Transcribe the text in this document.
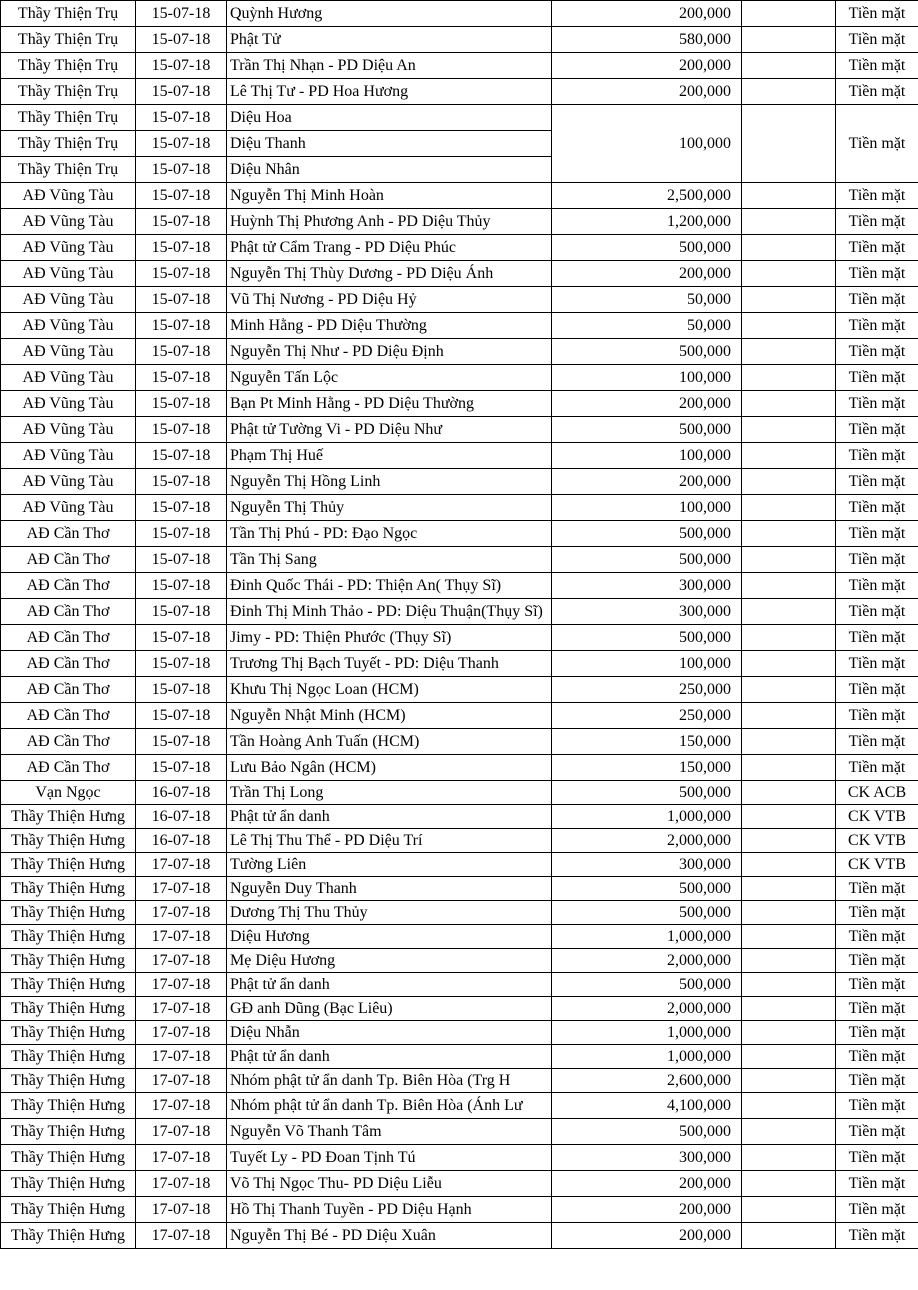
Thầy Thiện Trụ	15-07-18	Quỳnh Hương	200,000		Tiền mặt
Thầy Thiện Trụ	15-07-18	Phật Tử	580,000		Tiền mặt
Thầy Thiện Trụ	15-07-18	Trần Thị Nhạn - PD Diệu An	200,000		Tiền mặt
Thầy Thiện Trụ	15-07-18	Lê Thị Tư - PD Hoa Hương	200,000		Tiền mặt
Thầy Thiện Trụ	15-07-18	Diệu Hoa	100,000		Tiền mặt
Thầy Thiện Trụ	15-07-18	Diệu Thanh			
Thầy Thiện Trụ	15-07-18	Diệu Nhân			
AĐ Vũng Tàu	15-07-18	Nguyễn Thị Minh Hoàn	2,500,000		Tiền mặt
AĐ Vũng Tàu	15-07-18	Huỳnh Thị Phương Anh - PD Diệu Thủy	1,200,000		Tiền mặt
AĐ Vũng Tàu	15-07-18	Phật tử Cẩm Trang - PD Diệu Phúc	500,000		Tiền mặt
AĐ Vũng Tàu	15-07-18	Nguyễn Thị Thùy Dương - PD Diệu Ánh	200,000		Tiền mặt
AĐ Vũng Tàu	15-07-18	Vũ Thị Nương - PD Diệu Hỷ	50,000		Tiền mặt
AĐ Vũng Tàu	15-07-18	Minh Hằng - PD Diệu Thường	50,000		Tiền mặt
AĐ Vũng Tàu	15-07-18	Nguyễn Thị Như - PD Diệu Định	500,000		Tiền mặt
AĐ Vũng Tàu	15-07-18	Nguyễn Tấn Lộc	100,000		Tiền mặt
AĐ Vũng Tàu	15-07-18	Bạn Pt Minh Hằng - PD Diệu Thường	200,000		Tiền mặt
AĐ Vũng Tàu	15-07-18	Phật tử Tường Vi - PD Diệu Như	500,000		Tiền mặt
AĐ Vũng Tàu	15-07-18	Phạm Thị Huế	100,000		Tiền mặt
AĐ Vũng Tàu	15-07-18	Nguyễn Thị Hồng Linh	200,000		Tiền mặt
AĐ Vũng Tàu	15-07-18	Nguyễn Thị Thủy	100,000		Tiền mặt
AĐ Cần Thơ	15-07-18	Tần Thị Phú - PD: Đạo Ngọc	500,000		Tiền mặt
AĐ Cần Thơ	15-07-18	Tần Thị Sang	500,000		Tiền mặt
AĐ Cần Thơ	15-07-18	Đinh Quốc Thái - PD: Thiện An( Thụy Sĩ)	300,000		Tiền mặt
AĐ Cần Thơ	15-07-18	Đinh Thị Minh Thảo - PD: Diệu Thuận(Thụy Sĩ)	300,000		Tiền mặt
AĐ Cần Thơ	15-07-18	Jimy - PD: Thiện Phước (Thụy Sĩ)	500,000		Tiền mặt
AĐ Cần Thơ	15-07-18	Trương Thị Bạch Tuyết - PD: Diệu Thanh	100,000		Tiền mặt
AĐ Cần Thơ	15-07-18	Khưu Thị Ngọc Loan (HCM)	250,000		Tiền mặt
AĐ Cần Thơ	15-07-18	Nguyễn Nhật Minh (HCM)	250,000		Tiền mặt
AĐ Cần Thơ	15-07-18	Tần Hoàng Anh Tuấn (HCM)	150,000		Tiền mặt
AĐ Cần Thơ	15-07-18	Lưu Bảo Ngân (HCM)	150,000		Tiền mặt
Vạn Ngọc	16-07-18	Trần Thị Long	500,000		CK ACB
Thầy Thiện Hưng	16-07-18	Phật tử ẩn danh	1,000,000		CK VTB
Thầy Thiện Hưng	16-07-18	Lê Thị Thu Thể - PD Diệu Trí	2,000,000		CK VTB
Thầy Thiện Hưng	17-07-18	Tường Liên	300,000		CK VTB
Thầy Thiện Hưng	17-07-18	Nguyễn Duy Thanh	500,000		Tiền mặt
Thầy Thiện Hưng	17-07-18	Dương Thị Thu Thủy	500,000		Tiền mặt
Thầy Thiện Hưng	17-07-18	Diệu Hương	1,000,000		Tiền mặt
Thầy Thiện Hưng	17-07-18	Mẹ Diệu Hương	2,000,000		Tiền mặt
Thầy Thiện Hưng	17-07-18	Phật tử ẩn danh	500,000		Tiền mặt
Thầy Thiện Hưng	17-07-18	GĐ anh Dũng (Bạc Liêu)	2,000,000		Tiền mặt
Thầy Thiện Hưng	17-07-18	Diệu Nhẫn	1,000,000		Tiền mặt
Thầy Thiện Hưng	17-07-18	Phật tử ẩn danh	1,000,000		Tiền mặt
Thầy Thiện Hưng	17-07-18	Nhóm phật tử ẩn danh Tp. Biên Hòa (Trg H	2,600,000		Tiền mặt
Thầy Thiện Hưng	17-07-18	Nhóm phật tử ẩn danh Tp. Biên Hòa (Ánh Lư	4,100,000		Tiền mặt
Thầy Thiện Hưng	17-07-18	Nguyễn Võ Thanh Tâm	500,000		Tiền mặt
Thầy Thiện Hưng	17-07-18	Tuyết Ly - PD Đoan Tịnh Tú	300,000		Tiền mặt
Thầy Thiện Hưng	17-07-18	Võ Thị Ngọc Thu- PD Diệu Liễu	200,000		Tiền mặt
Thầy Thiện Hưng	17-07-18	Hồ Thị Thanh Tuyền - PD Diệu Hạnh	200,000		Tiền mặt
Thầy Thiện Hưng	17-07-18	Nguyễn Thị Bé - PD Diệu Xuân	200,000		Tiền mặt
